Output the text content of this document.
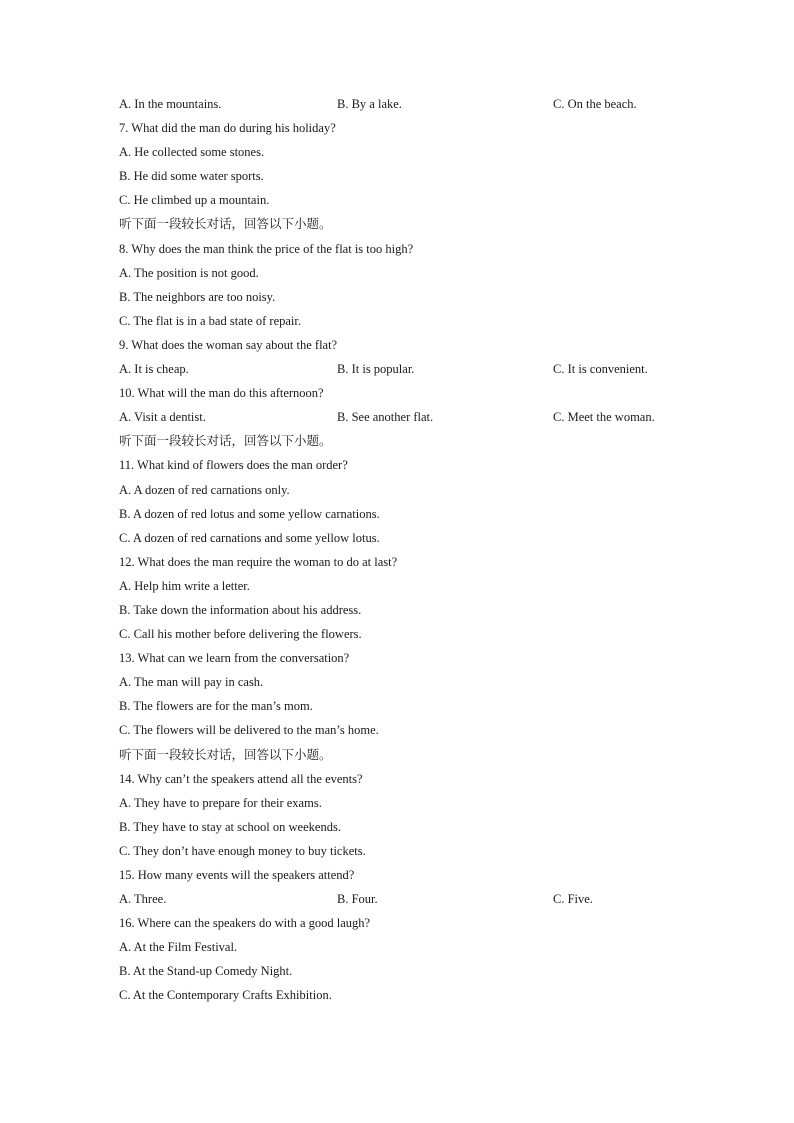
A. In the mountains.	B. By a lake.	C. On the beach.
7. What did the man do during his holiday?
A. He collected some stones.
B. He did some water sports.
C. He climbed up a mountain.
听下面一段较长对话，回答以下小题。
8. Why does the man think the price of the flat is too high?
A. The position is not good.
B. The neighbors are too noisy.
C. The flat is in a bad state of repair.
9. What does the woman say about the flat?
A. It is cheap.	B. It is popular.	C. It is convenient.
10. What will the man do this afternoon?
A. Visit a dentist.	B. See another flat.	C. Meet the woman.
听下面一段较长对话，回答以下小题。
11. What kind of flowers does the man order?
A. A dozen of red carnations only.
B. A dozen of red lotus and some yellow carnations.
C. A dozen of red carnations and some yellow lotus.
12. What does the man require the woman to do at last?
A. Help him write a letter.
B. Take down the information about his address.
C. Call his mother before delivering the flowers.
13. What can we learn from the conversation?
A. The man will pay in cash.
B. The flowers are for the man’s mom.
C. The flowers will be delivered to the man’s home.
听下面一段较长对话，回答以下小题。
14. Why can’t the speakers attend all the events?
A. They have to prepare for their exams.
B. They have to stay at school on weekends.
C. They don’t have enough money to buy tickets.
15. How many events will the speakers attend?
A. Three.	B. Four.	C. Five.
16. Where can the speakers do with a good laugh?
A. At the Film Festival.
B. At the Stand-up Comedy Night.
C. At the Contemporary Crafts Exhibition.
